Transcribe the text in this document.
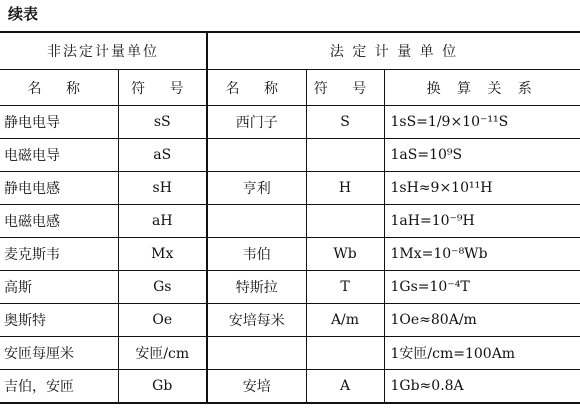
续表
非法定计量单位		法 定 计 量 单 位		
名 称	符 号	名 称	符 号	换 算 关 系
静电电导	sS	西门子	S	1sS=1/9×10⁻¹¹S
电磁电导	aS			1aS=10⁹S
静电电感	sH	亨利	H	1sH≈9×10¹¹H
电磁电感	aH			1aH=10⁻⁹H
麦克斯韦	Mx	韦伯	Wb	1Mx=10⁻⁸Wb
高斯	Gs	特斯拉	T	1Gs=10⁻⁴T
奥斯特	Oe	安培每米	A/m	1Oe≈80A/m
安匝每厘米	安匝/cm			1安匝/cm=100Am
吉伯，安匝	Gb	安培	A	1Gb≈0.8A
